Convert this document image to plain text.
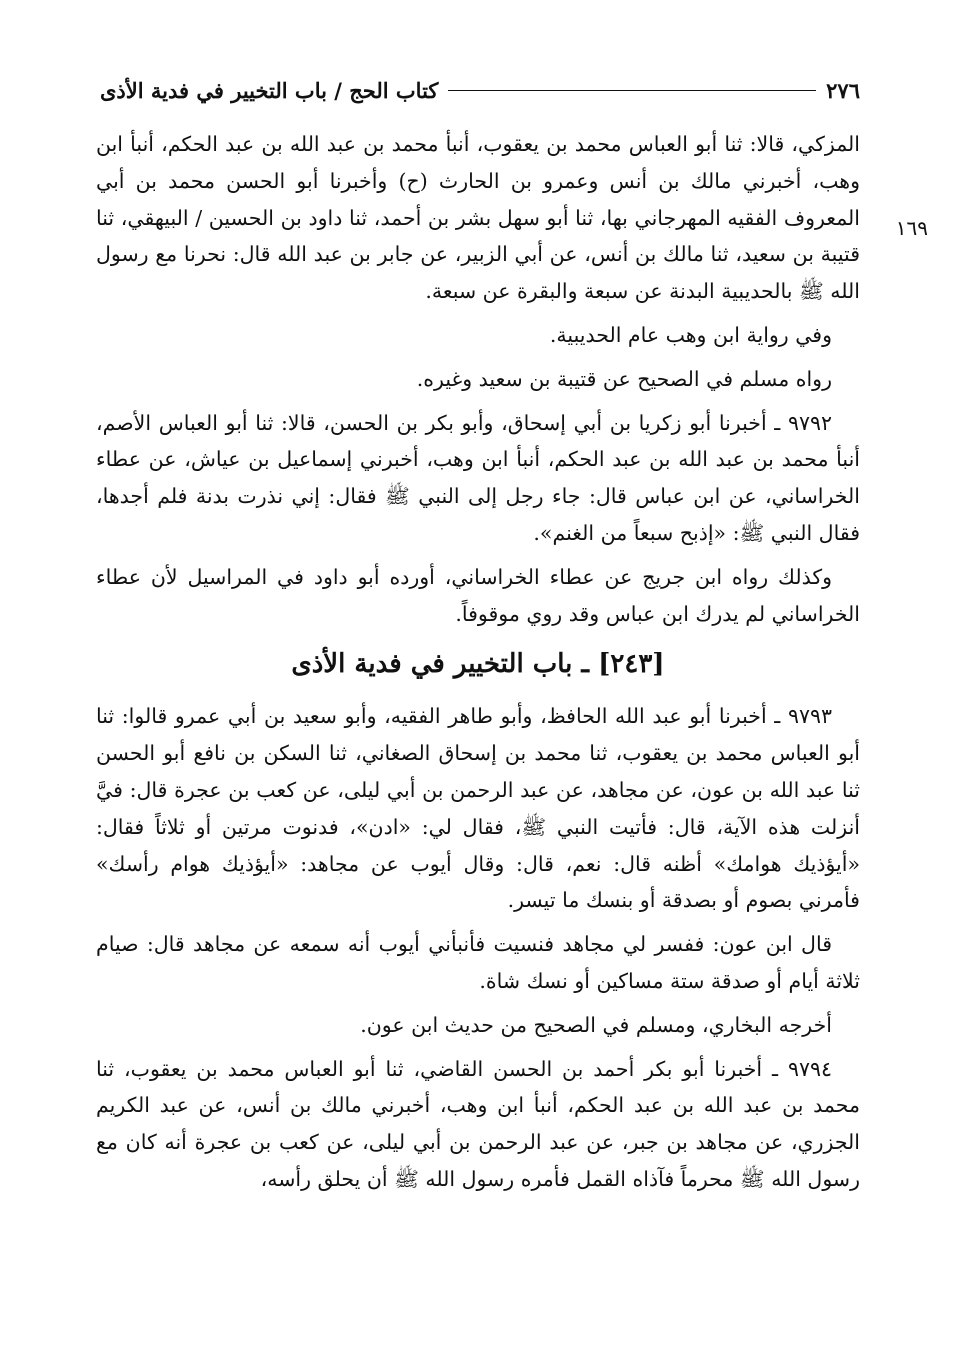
٢٧٦
كتاب الحج / باب التخيير في فدية الأذى
١٦٩

المزكي، قالا: ثنا أبو العباس محمد بن يعقوب، أنبأ محمد بن عبد الله بن عبد الحكم، أنبأ ابن وهب، أخبرني مالك بن أنس وعمرو بن الحارث (ح) وأخبرنا أبو الحسن محمد بن أبي المعروف الفقيه المهرجاني بها، ثنا أبو سهل بشر بن أحمد، ثنا داود بن الحسين / البيهقي، ثنا قتيبة بن سعيد، ثنا مالك بن أنس، عن أبي الزبير، عن جابر بن عبد الله قال: نحرنا مع رسول الله ﷺ بالحديبية البدنة عن سبعة والبقرة عن سبعة.

وفي رواية ابن وهب عام الحديبية.

رواه مسلم في الصحيح عن قتيبة بن سعيد وغيره.

٩٧٩٢ ـ أخبرنا أبو زكريا بن أبي إسحاق، وأبو بكر بن الحسن، قالا: ثنا أبو العباس الأصم، أنبأ محمد بن عبد الله بن عبد الحكم، أنبأ ابن وهب، أخبرني إسماعيل بن عياش، عن عطاء الخراساني، عن ابن عباس قال: جاء رجل إلى النبي ﷺ فقال: إني نذرت بدنة فلم أجدها، فقال النبي ﷺ: «إذبح سبعاً من الغنم».

وكذلك رواه ابن جريج عن عطاء الخراساني، أورده أبو داود في المراسيل لأن عطاء الخراساني لم يدرك ابن عباس وقد روي موقوفاً.

[٢٤٣] ـ باب التخيير في فدية الأذى

٩٧٩٣ ـ أخبرنا أبو عبد الله الحافظ، وأبو طاهر الفقيه، وأبو سعيد بن أبي عمرو قالوا: ثنا أبو العباس محمد بن يعقوب، ثنا محمد بن إسحاق الصغاني، ثنا السكن بن نافع أبو الحسن ثنا عبد الله بن عون، عن مجاهد، عن عبد الرحمن بن أبي ليلى، عن كعب بن عجرة قال: فيَّ أنزلت هذه الآية، قال: فأتيت النبي ﷺ، فقال لي: «ادن»، فدنوت مرتين أو ثلاثاً فقال: «أيؤذيك هوامك» أظنه قال: نعم، قال: وقال أيوب عن مجاهد: «أيؤذيك هوام رأسك» فأمرني بصوم أو بصدقة أو بنسك ما تيسر.

قال ابن عون: ففسر لي مجاهد فنسيت فأنبأني أيوب أنه سمعه عن مجاهد قال: صيام ثلاثة أيام أو صدقة ستة مساكين أو نسك شاة.

أخرجه البخاري، ومسلم في الصحيح من حديث ابن عون.

٩٧٩٤ ـ أخبرنا أبو بكر أحمد بن الحسن القاضي، ثنا أبو العباس محمد بن يعقوب، ثنا محمد بن عبد الله بن عبد الحكم، أنبأ ابن وهب، أخبرني مالك بن أنس، عن عبد الكريم الجزري، عن مجاهد بن جبر، عن عبد الرحمن بن أبي ليلى، عن كعب بن عجرة أنه كان مع رسول الله ﷺ محرماً فآذاه القمل فأمره رسول الله ﷺ أن يحلق رأسه،
